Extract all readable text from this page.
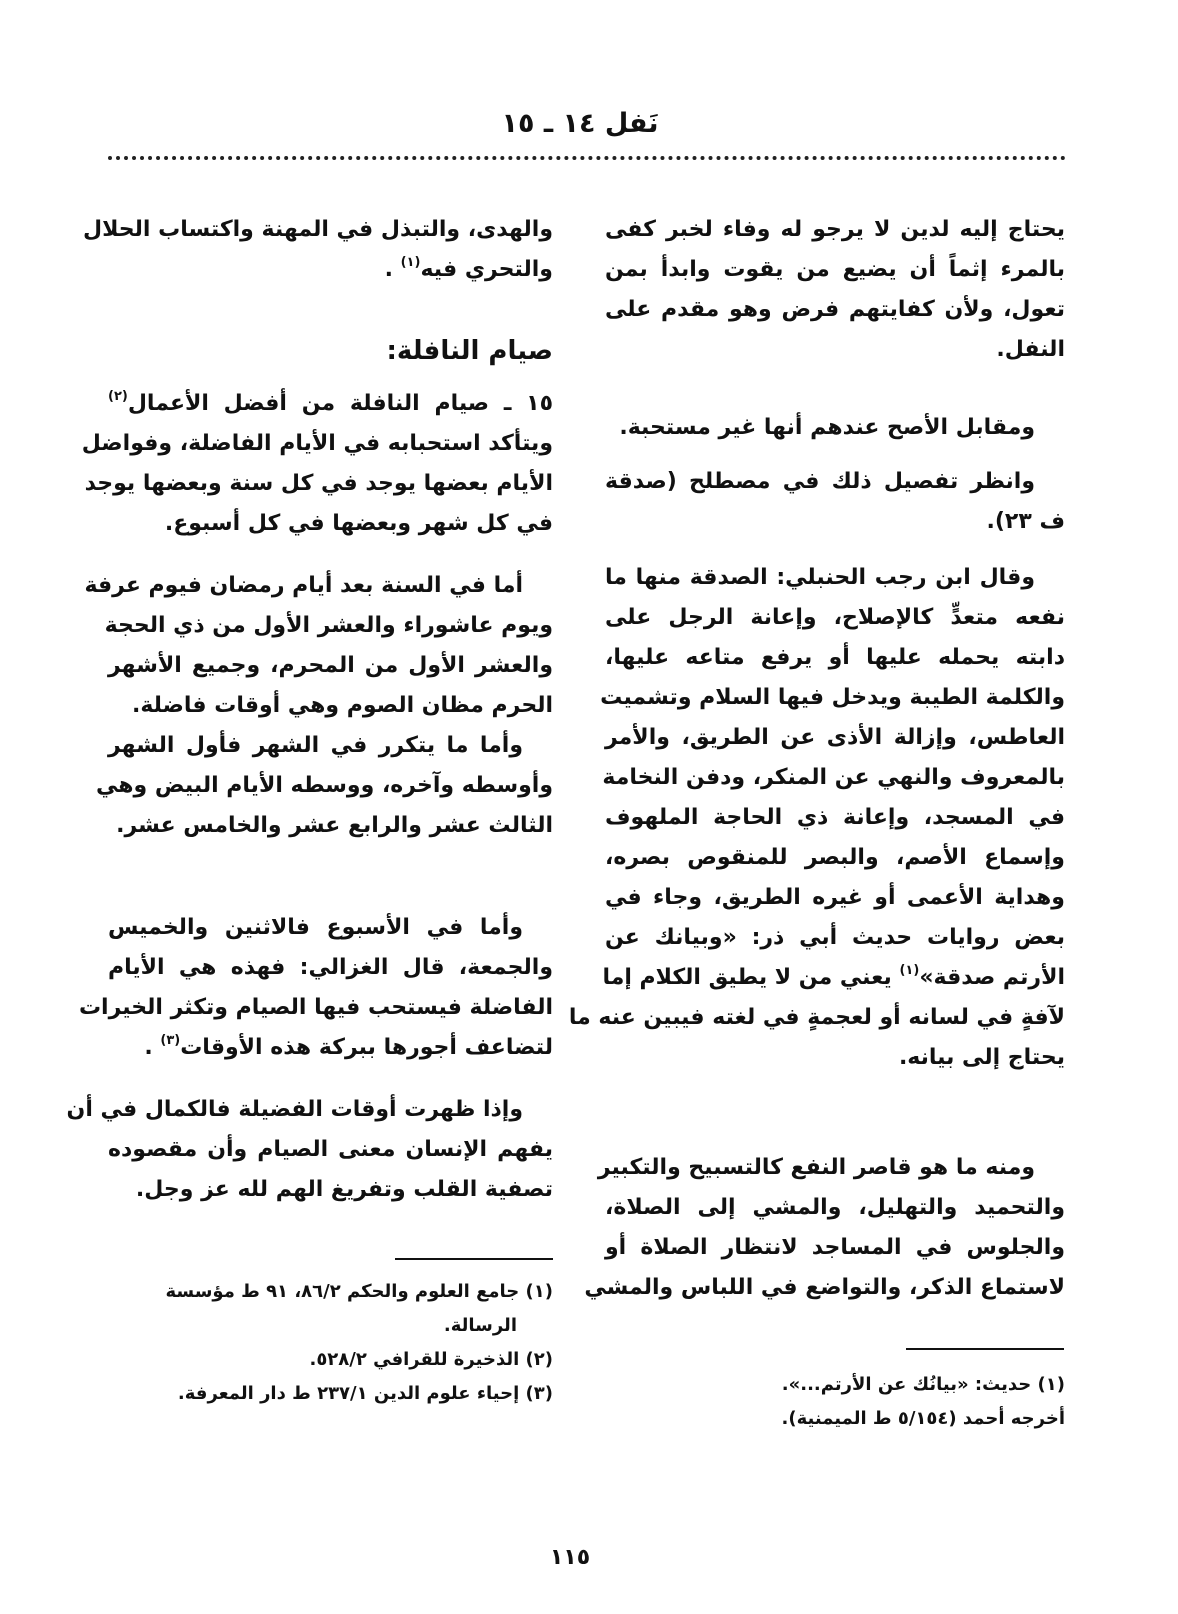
نَفل ١٤ ـ ١٥
يحتاج إليه لدين لا يرجو له وفاء لخبر كفى
بالمرء إثماً أن يضيع من يقوت وابدأ بمن
تعول، ولأن كفايتهم فرض وهو مقدم على
النفل.
ومقابل الأصح عندهم أنها غير مستحبة.
وانظر تفصيل ذلك في مصطلح (صدقة
ف ٢٣).
وقال ابن رجب الحنبلي: الصدقة منها ما
نفعه متعدٍّ كالإصلاح، وإعانة الرجل على
دابته يحمله عليها أو يرفع متاعه عليها،
والكلمة الطيبة ويدخل فيها السلام وتشميت
العاطس، وإزالة الأذى عن الطريق، والأمر
بالمعروف والنهي عن المنكر، ودفن النخامة
في المسجد، وإعانة ذي الحاجة الملهوف
وإسماع الأصم، والبصر للمنقوص بصره،
وهداية الأعمى أو غيره الطريق، وجاء في
بعض روايات حديث أبي ذر: «وبيانك عن
الأرتم صدقة»$^{(١)}$ يعني من لا يطيق الكلام إما
لآفةٍ في لسانه أو لعجمةٍ في لغته فيبين عنه ما
يحتاج إلى بيانه.
ومنه ما هو قاصر النفع كالتسبيح والتكبير
والتحميد والتهليل، والمشي إلى الصلاة،
والجلوس في المساجد لانتظار الصلاة أو
لاستماع الذكر، والتواضع في اللباس والمشي
(١) حديث: «بيانُك عن الأرتم...».
أخرجه أحمد (٥/١٥٤ ط الميمنية).
والهدى، والتبذل في المهنة واكتساب الحلال
والتحري فيه$^{(١)}$ .
صيام النافلة:
١٥ ـ صيام النافلة من أفضل الأعمال$^{(٢)}$
ويتأكد استحبابه في الأيام الفاضلة، وفواضل
الأيام بعضها يوجد في كل سنة وبعضها يوجد
في كل شهر وبعضها في كل أسبوع.
أما في السنة بعد أيام رمضان فيوم عرفة
ويوم عاشوراء والعشر الأول من ذي الحجة
والعشر الأول من المحرم، وجميع الأشهر
الحرم مظان الصوم وهي أوقات فاضلة.
وأما ما يتكرر في الشهر فأول الشهر
وأوسطه وآخره، ووسطه الأيام البيض وهي
الثالث عشر والرابع عشر والخامس عشر.
وأما في الأسبوع فالاثنين والخميس
والجمعة، قال الغزالي: فهذه هي الأيام
الفاضلة فيستحب فيها الصيام وتكثر الخيرات
لتضاعف أجورها ببركة هذه الأوقات$^{(٣)}$ .
وإذا ظهرت أوقات الفضيلة فالكمال في أن
يفهم الإنسان معنى الصيام وأن مقصوده
تصفية القلب وتفريغ الهم لله عز وجل.
(١) جامع العلوم والحكم ٨٦/٢، ٩١ ط مؤسسة
الرسالة.
(٢) الذخيرة للقرافي ٥٢٨/٢.
(٣) إحياء علوم الدين ٢٣٧/١ ط دار المعرفة.
١١٥
